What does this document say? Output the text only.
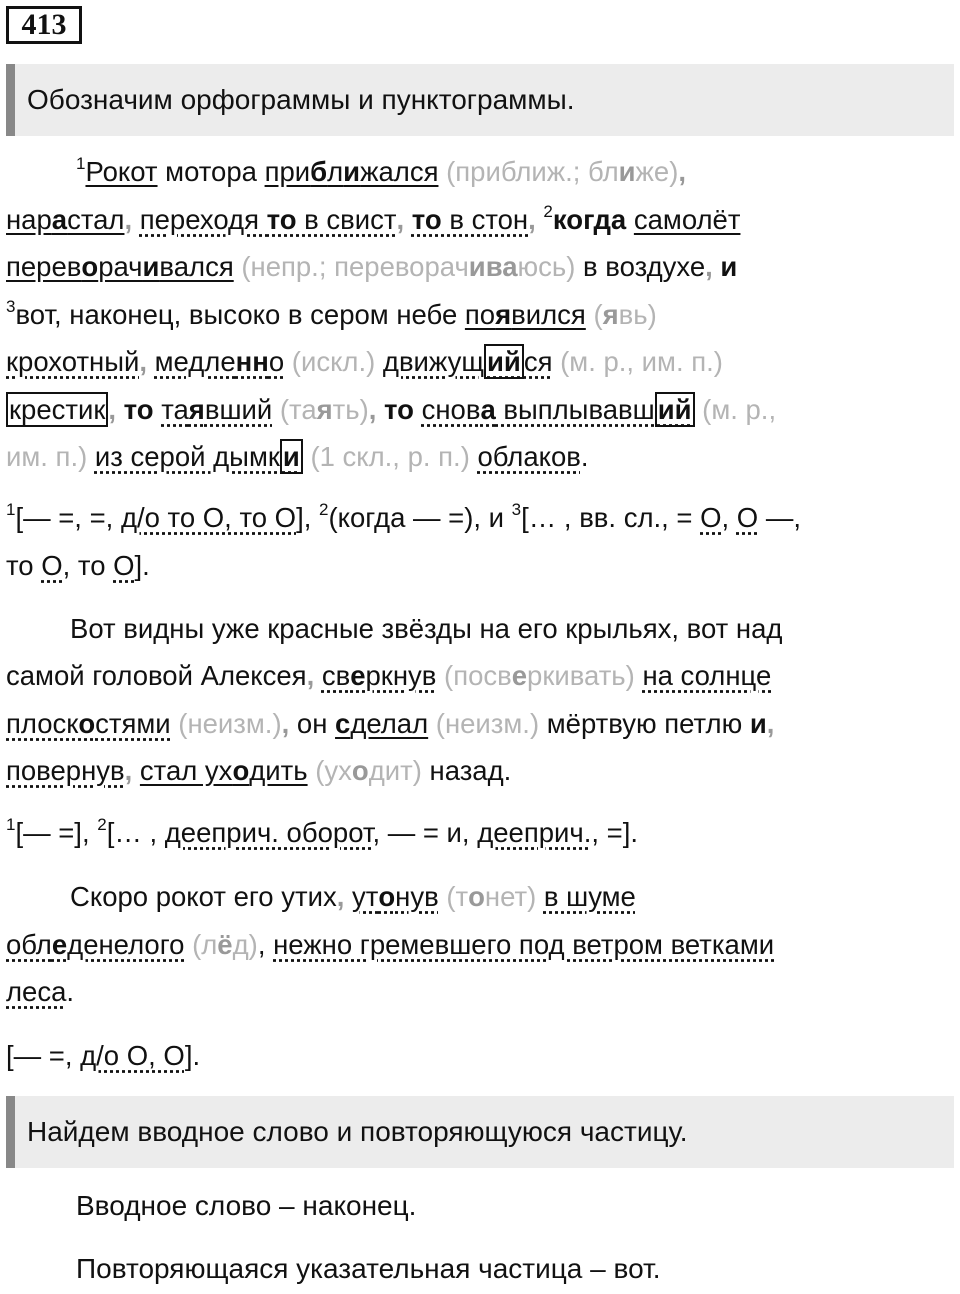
413
Обозначим орфограммы и пунктограммы.
$^1$Рокот мотора приближался (приближ.; ближе),
нарастал, переходя то в свист, то в стон, $^2$когда самолёт
переворачивался (непр.; переворачиваюсь) в воздухе, и
$^3$вот, наконец, высоко в сером небе появился (явь)
крохотный, медленно (искл.) движущ ий ся (м. р., им. п.)
крестик , то таявший (таять), то снова выплывавш ий (м. р.,
им. п.) из серой дымк и (1 скл., р. п.) облаков.
$^1$[— =, =, д/о то О, то О], $^2$(когда — =), и $^3$[… , вв. сл., = О, О —,
то О, то О].
Вот видны уже красные звёзды на его крыльях, вот над
самой головой Алексея, сверкнув (посверкивать) на солнце
плоскостями (неизм.), он сделал (неизм.) мёртвую петлю и,
повернув, стал уходить (уходит) назад.
$^1$[— =], $^2$[… , деeприч. оборот, — = и, деeприч., =].
Скоро рокот его утих, утонув (тонет) в шуме
обледенелого (лёд), нежно гремевшего под ветром ветками
леса.
[— =, д/о О, О].
Найдем вводное слово и повторяющуюся частицу.
Вводное слово – наконец.
Повторяющаяся указательная частица – вот.
